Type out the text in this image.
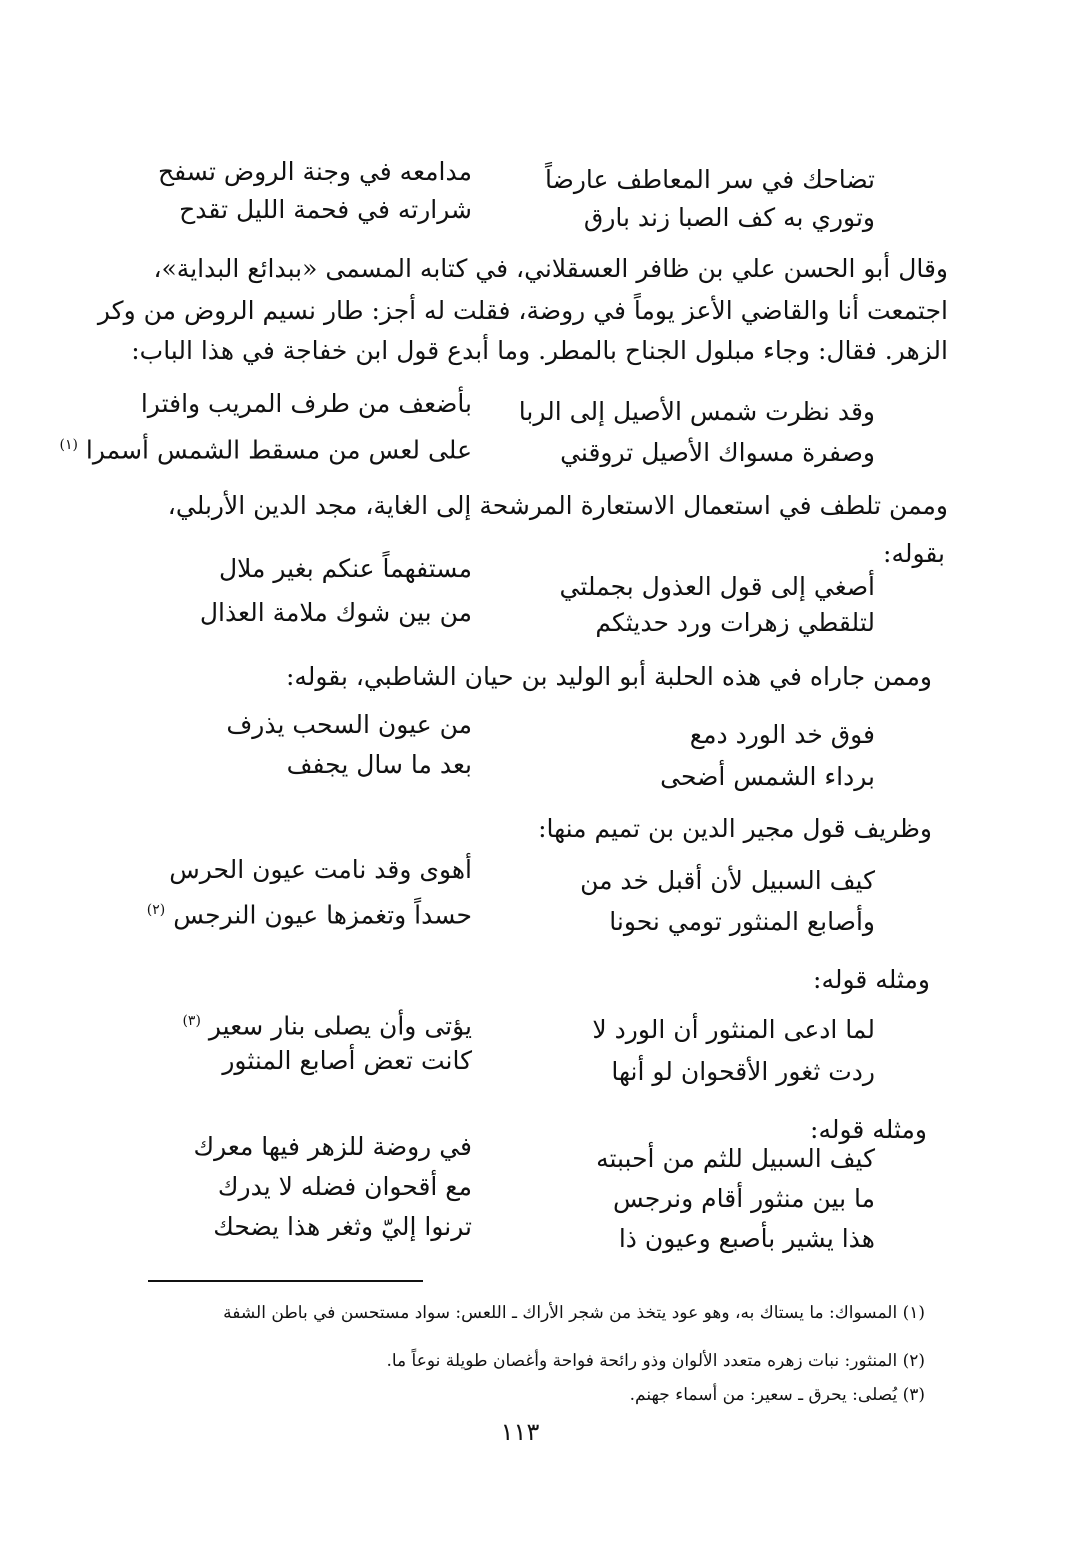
تضاحك في سر المعاطف عارضاً
مدامعه في وجنة الروض تسفح
وتوري به كف الصبا زند بارق
شرارته في فحمة الليل تقدح
وقال أبو الحسن علي بن ظافر العسقلاني، في كتابه المسمى «ببدائع البداية»،
اجتمعت أنا والقاضي الأعز يوماً في روضة، فقلت له أجز: طار نسيم الروض من وكر
الزهر. فقال: وجاء مبلول الجناح بالمطر. وما أبدع قول ابن خفاجة في هذا الباب:
وقد نظرت شمس الأصيل إلى الربا
بأضعف من طرف المريب وافترا
وصفرة مسواك الأصيل تروقني
على لعس من مسقط الشمس أسمرا $^{(١)}$
وممن تلطف في استعمال الاستعارة المرشحة إلى الغاية، مجد الدين الأربلي،
بقوله:
أصغي إلى قول العذول بجملتي
مستفهماً عنكم بغير ملال
لتلقطي زهرات ورد حديثكم
من بين شوك ملامة العذال
وممن جاراه في هذه الحلبة أبو الوليد بن حيان الشاطبي، بقوله:
فوق خد الورد دمع
من عيون السحب يذرف
برداء الشمس أضحى
بعد ما سال يجفف
وظريف قول مجير الدين بن تميم منها:
كيف السبيل لأن أقبل خد من
أهوى وقد نامت عيون الحرس
وأصابع المنثور تومي نحونا
حسداً وتغمزها عيون النرجس $^{(٢)}$
ومثله قوله:
لما ادعى المنثور أن الورد لا
يؤتى وأن يصلى بنار سعير $^{(٣)}$
ردت ثغور الأقحوان لو أنها
كانت تعض أصابع المنثور
ومثله قوله:
كيف السبيل للثم من أحببته
في روضة للزهر فيها معرك
ما بين منثور أقام ونرجس
مع أقحوان فضله لا يدرك
هذا يشير بأصبع وعيون ذا
ترنوا إليّ وثغر هذا يضحك
(١) المسواك: ما يستاك به، وهو عود يتخذ من شجر الأراك ـ اللعس: سواد مستحسن في باطن الشفة
(٢) المنثور: نبات زهره متعدد الألوان وذو رائحة فواحة وأغصان طويلة نوعاً ما.
(٣) يُصلى: يحرق ـ سعير: من أسماء جهنم.
١١٣
